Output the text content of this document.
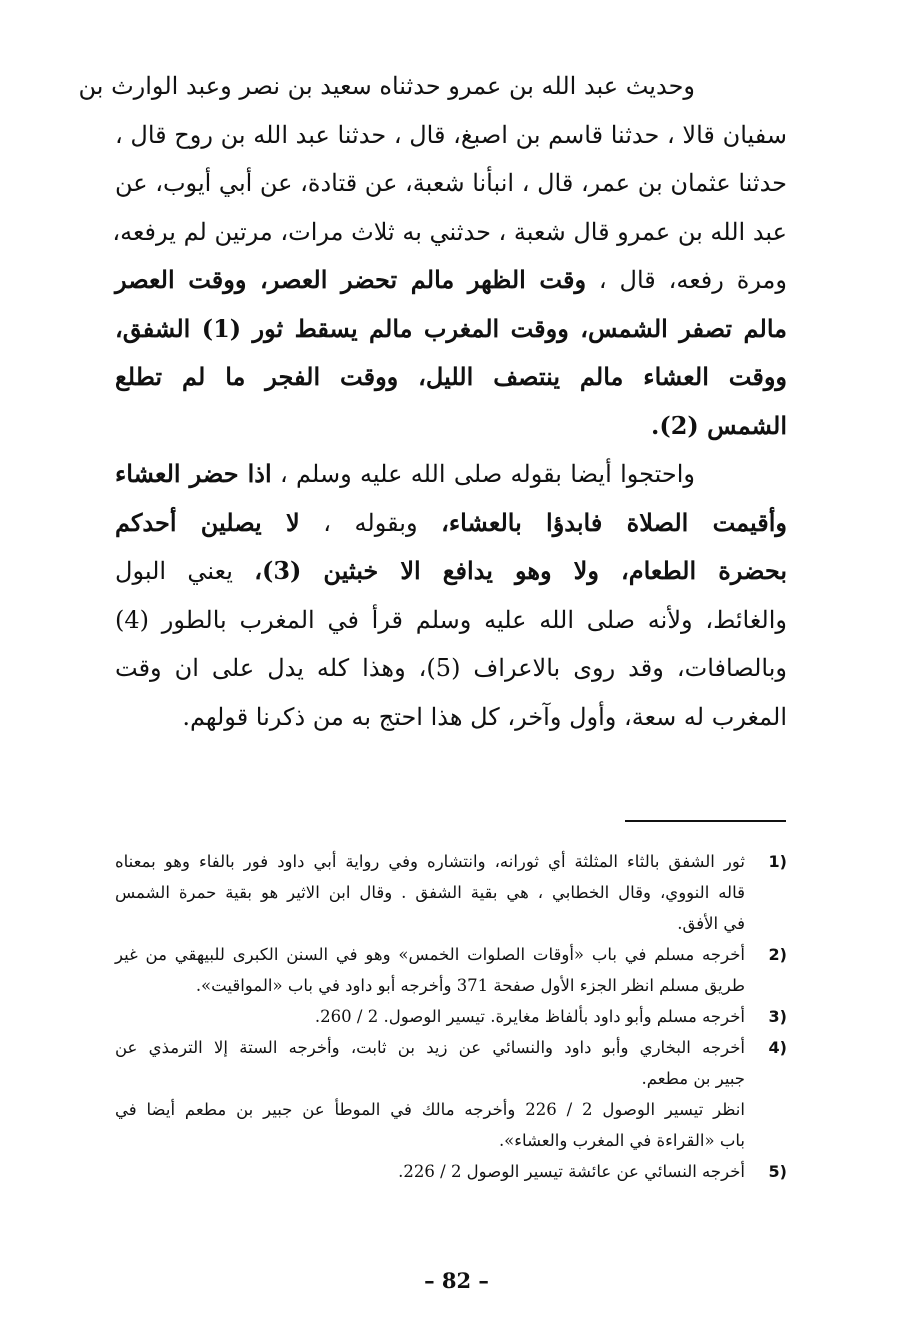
وحديث عبد الله بن عمرو حدثناه سعيد بن نصر وعبد الوارث بن
سفيان قالا ، حدثنا قاسم بن اصبغ، قال ، حدثنا عبد الله بن روح قال ،
حدثنا عثمان بن عمر، قال ، انبأنا شعبة، عن قتادة، عن أبي أيوب، عن
عبد الله بن عمرو قال شعبة ، حدثني به ثلاث مرات، مرتين لم يرفعه،
ومرة رفعه، قال ، وقت الظهر مالم تحضر العصر، ووقت العصر
مالم تصفر الشمس، ووقت المغرب مالم يسقط ثور (1) الشفق،
ووقت العشاء مالم ينتصف الليل، ووقت الفجر ما لم تطلع
الشمس (2).
واحتجوا أيضا بقوله صلى الله عليه وسلم ، اذا حضر العشاء
وأقيمت الصلاة فابدؤا بالعشاء، وبقوله ، لا يصلين أحدكم
بحضرة الطعام، ولا وهو يدافع الا خبثين (3)، يعني البول
والغائط، ولأنه صلى الله عليه وسلم قرأ في المغرب بالطور (4)
وبالصافات، وقد روى بالاعراف (5)، وهذا كله يدل على ان وقت
المغرب له سعة، وأول وآخر، كل هذا احتج به من ذكرنا قولهم.
1)
ثور الشفق بالثاء المثلثة أي ثورانه، وانتشاره وفي رواية أبي داود فور بالفاء وهو بمعناه
قاله النووي، وقال الخطابي ، هي بقية الشفق . وقال ابن الاثير هو بقية حمرة الشمس
في الأفق.
2)
أخرجه مسلم في باب «أوقات الصلوات الخمس» وهو في السنن الكبرى للبيهقي من غير
طريق مسلم انظر الجزء الأول صفحة 371 وأخرجه أبو داود في باب «المواقيت».
3)
أخرجه مسلم وأبو داود بألفاظ مغايرة. تيسير الوصول. 2 / 260.
4)
أخرجه البخاري وأبو داود والنسائي عن زيد بن ثابت، وأخرجه الستة إلا الترمذي عن
جبير بن مطعم.
انظر تيسير الوصول 2 / 226 وأخرجه مالك في الموطأ عن جبير بن مطعم أيضا في
باب «القراءة في المغرب والعشاء».
5)
أخرجه النسائي عن عائشة تيسير الوصول 2 / 226.
– 82 –
